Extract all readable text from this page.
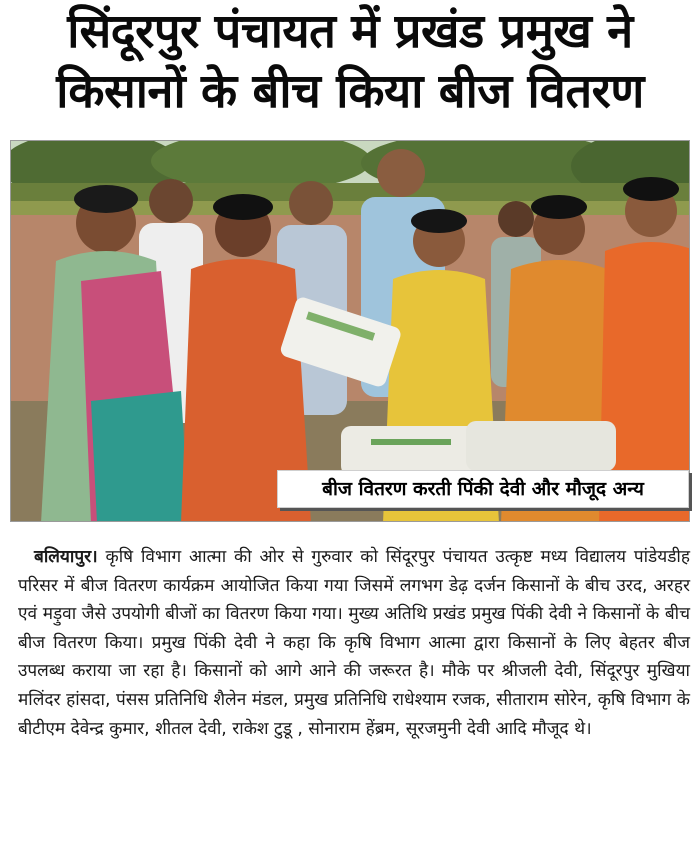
सिंदूरपुर पंचायत में प्रखंड प्रमुख ने
किसानों के बीच किया बीज वितरण
बीज वितरण करती पिंकी देवी और मौजूद अन्य
बलियापुर। कृषि विभाग आत्मा की ओर से गुरुवार को सिंदूरपुर पंचायत उत्कृष्ट मध्य विद्यालय पांडेयडीह परिसर में बीज वितरण कार्यक्रम आयोजित किया गया जिसमें लगभग डेढ़ दर्जन किसानों के बीच उरद, अरहर एवं मड़ुवा जैसे उपयोगी बीजों का वितरण किया गया। मुख्य अतिथि प्रखंड प्रमुख पिंकी देवी ने किसानों के बीच बीज वितरण किया। प्रमुख पिंकी देवी ने कहा कि कृषि विभाग आत्मा द्वारा किसानों के लिए बेहतर बीज उपलब्ध कराया जा रहा है। किसानों को आगे आने की जरूरत है। मौके पर श्रीजली देवी, सिंदूरपुर मुखिया मलिंदर हांसदा, पंसस प्रतिनिधि शैलेन मंडल, प्रमुख प्रतिनिधि राधेश्याम रजक, सीताराम सोरेन, कृषि विभाग के बीटीएम देवेन्द्र कुमार, शीतल देवी, राकेश टुडू , सोनाराम हेंब्रम, सूरजमुनी देवी आदि मौजूद थे।
